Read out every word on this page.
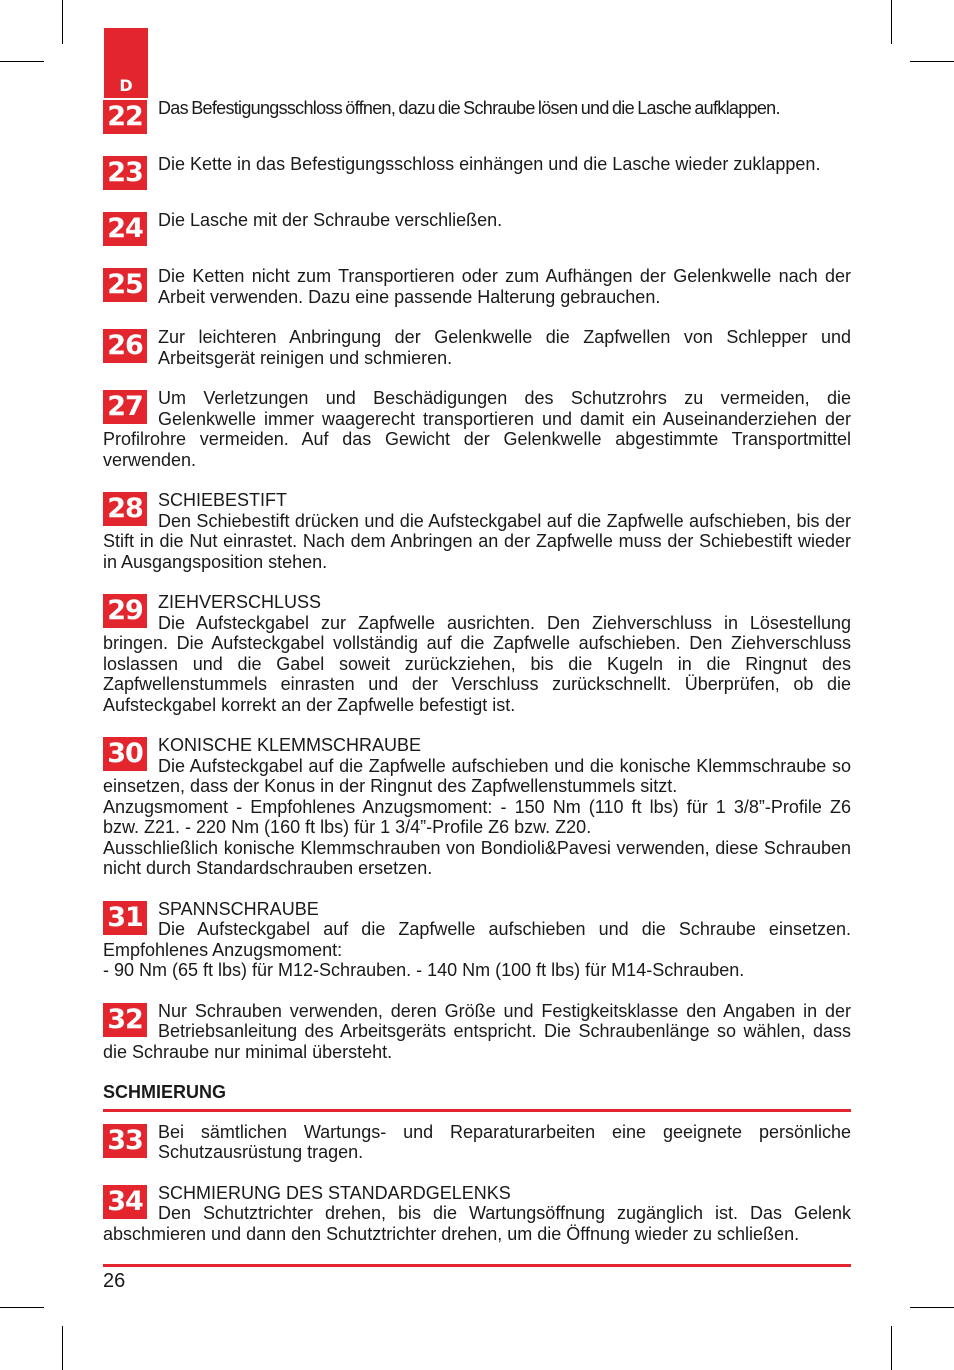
D
22 Das Befestigungsschloss öffnen, dazu die Schraube lösen und die Lasche aufklappen.

23 Die Kette in das Befestigungsschloss einhängen und die Lasche wieder zuklappen.

24 Die Lasche mit der Schraube verschließen.

25 Die Ketten nicht zum Transportieren oder zum Aufhängen der Gelenkwelle nach der Arbeit verwenden. Dazu eine passende Halterung gebrauchen.

26 Zur leichteren Anbringung der Gelenkwelle die Zapfwellen von Schlepper und Arbeitsgerät reinigen und schmieren.

27 Um Verletzungen und Beschädigungen des Schutzrohrs zu vermeiden, die Gelenkwelle immer waagerecht transportieren und damit ein Auseinanderziehen der Profilrohre vermeiden. Auf das Gewicht der Gelenkwelle abgestimmte Transportmittel verwenden.

28 SCHIEBESTIFT

Den Schiebestift drücken und die Aufsteckgabel auf die Zapfwelle aufschieben, bis der Stift in die Nut einrastet. Nach dem Anbringen an der Zapfwelle muss der Schiebestift wieder in Ausgangsposition stehen.

29 ZIEHVERSCHLUSS

Die Aufsteckgabel zur Zapfwelle ausrichten. Den Ziehverschluss in Lösestellung bringen. Die Aufsteckgabel vollständig auf die Zapfwelle aufschieben. Den Ziehverschluss loslassen und die Gabel soweit zurückziehen, bis die Kugeln in die Ringnut des Zapfwellenstummels einrasten und der Verschluss zurückschnellt. Überprüfen, ob die Aufsteckgabel korrekt an der Zapfwelle befestigt ist.

30 KONISCHE KLEMMSCHRAUBE

Die Aufsteckgabel auf die Zapfwelle aufschieben und die konische Klemmschraube so einsetzen, dass der Konus in der Ringnut des Zapfwellenstummels sitzt.

Anzugsmoment - Empfohlenes Anzugsmoment: - 150 Nm (110 ft lbs) für 1 3/8”-Profile Z6 bzw. Z21. - 220 Nm (160 ft lbs) für 1 3/4”-Profile Z6 bzw. Z20.

Ausschließlich konische Klemmschrauben von Bondioli&Pavesi verwenden, diese Schrauben nicht durch Standardschrauben ersetzen.

31 SPANNSCHRAUBE

Die Aufsteckgabel auf die Zapfwelle aufschieben und die Schraube einsetzen. Empfohlenes Anzugsmoment:

- 90 Nm (65 ft lbs) für M12-Schrauben. - 140 Nm (100 ft lbs) für M14-Schrauben.

32 Nur Schrauben verwenden, deren Größe und Festigkeitsklasse den Angaben in der Betriebsanleitung des Arbeitsgeräts entspricht. Die Schraubenlänge so wählen, dass die Schraube nur minimal übersteht.

SCHMIERUNG
33 Bei sämtlichen Wartungs- und Reparaturarbeiten eine geeignete persönliche Schutzausrüstung tragen.

34 SCHMIERUNG DES STANDARDGELENKS

Den Schutztrichter drehen, bis die Wartungsöffnung zugänglich ist. Das Gelenk abschmieren und dann den Schutztrichter drehen, um die Öffnung wieder zu schließen.

26
